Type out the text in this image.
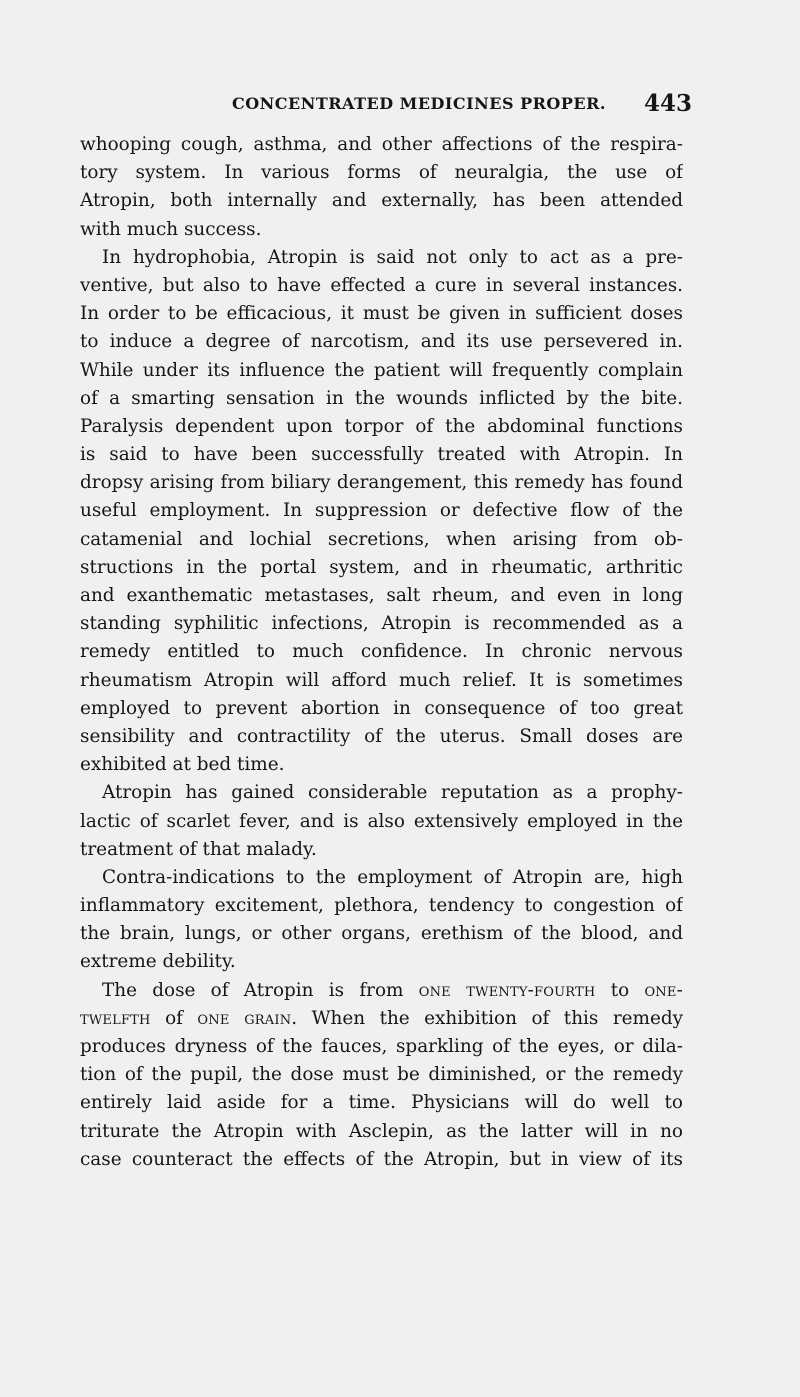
CONCENTRATED MEDICINES PROPER. 443
whooping cough, asthma, and other affections of the respira-
tory system. In various forms of neuralgia, the use of
Atropin, both internally and externally, has been attended
with much success.
In hydrophobia, Atropin is said not only to act as a pre-
ventive, but also to have effected a cure in several instances.
In order to be efficacious, it must be given in sufficient doses
to induce a degree of narcotism, and its use persevered in.
While under its influence the patient will frequently complain
of a smarting sensation in the wounds inflicted by the bite.
Paralysis dependent upon torpor of the abdominal functions
is said to have been successfully treated with Atropin. In
dropsy arising from biliary derangement, this remedy has found
useful employment. In suppression or defective flow of the
catamenial and lochial secretions, when arising from ob-
structions in the portal system, and in rheumatic, arthritic
and exanthematic metastases, salt rheum, and even in long
standing syphilitic infections, Atropin is recommended as a
remedy entitled to much confidence. In chronic nervous
rheumatism Atropin will afford much relief. It is sometimes
employed to prevent abortion in consequence of too great
sensibility and contractility of the uterus. Small doses are
exhibited at bed time.
Atropin has gained considerable reputation as a prophy-
lactic of scarlet fever, and is also extensively employed in the
treatment of that malady.
Contra-indications to the employment of Atropin are, high
inflammatory excitement, plethora, tendency to congestion of
the brain, lungs, or other organs, erethism of the blood, and
extreme debility.
The dose of Atropin is from one twenty-fourth to one-
twelfth of one grain. When the exhibition of this remedy
produces dryness of the fauces, sparkling of the eyes, or dila-
tion of the pupil, the dose must be diminished, or the remedy
entirely laid aside for a time. Physicians will do well to
triturate the Atropin with Asclepin, as the latter will in no
case counteract the effects of the Atropin, but in view of its
